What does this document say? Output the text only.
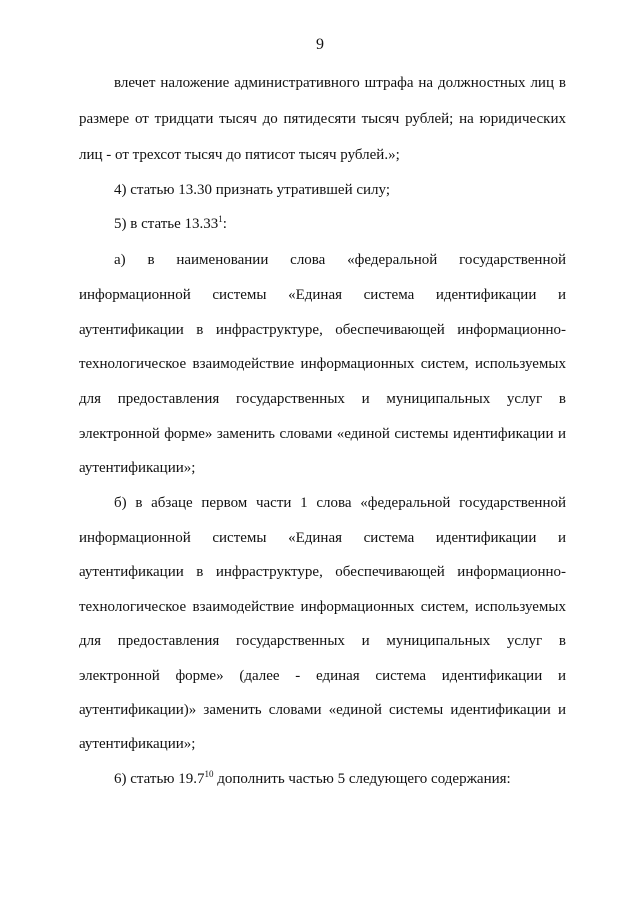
9
влечет наложение административного штрафа на должностных лиц в
размере от тридцати тысяч до пятидесяти тысяч рублей; на юридических
лиц - от трехсот тысяч до пятисот тысяч рублей.»;
4) статью 13.30 признать утратившей силу;
5) в статье 13.33$^1$:
а) в наименовании слова «федеральной государственной
информационной системы «Единая система идентификации и
аутентификации в инфраструктуре, обеспечивающей информационно-
технологическое взаимодействие информационных систем, используемых
для предоставления государственных и муниципальных услуг в
электронной форме» заменить словами «единой системы идентификации и
аутентификации»;
б) в абзаце первом части 1 слова «федеральной государственной
информационной системы «Единая система идентификации и
аутентификации в инфраструктуре, обеспечивающей информационно-
технологическое взаимодействие информационных систем, используемых
для предоставления государственных и муниципальных услуг в
электронной форме» (далее - единая система идентификации и
аутентификации)» заменить словами «единой системы идентификации и
аутентификации»;
6) статью 19.7$^{10}$ дополнить частью 5 следующего содержания:
